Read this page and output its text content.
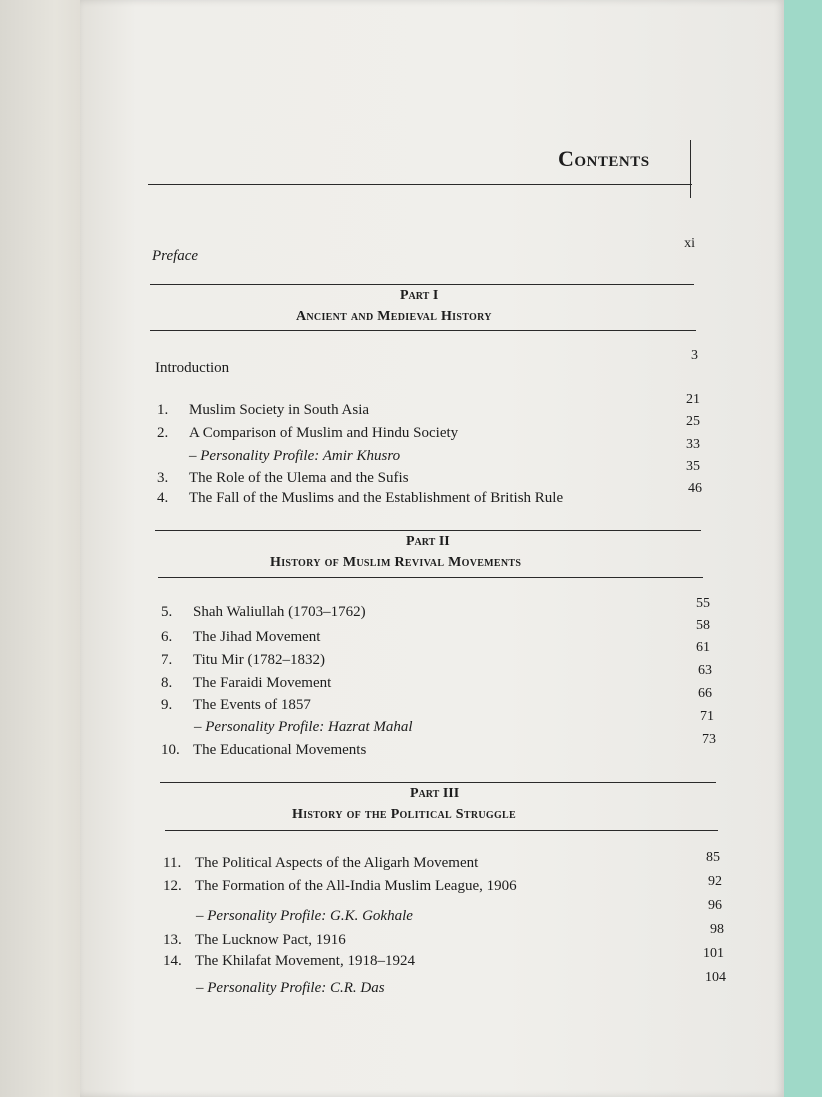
Contents
Preface
xi
Part I
Ancient and Medieval History
Introduction
3
1. Muslim Society in South Asia
2. A Comparison of Muslim and Hindu Society
– Personality Profile: Amir Khusro
3. The Role of the Ulema and the Sufis
4. The Fall of the Muslims and the Establishment of British Rule
21
25
33
35
46
Part II
History of Muslim Revival Movements
5. Shah Waliullah (1703–1762)
6. The Jihad Movement
7. Titu Mir (1782–1832)
8. The Faraidi Movement
9. The Events of 1857
– Personality Profile: Hazrat Mahal
10. The Educational Movements
55
58
61
63
66
71
73
Part III
History of the Political Struggle
11. The Political Aspects of the Aligarh Movement
12. The Formation of the All-India Muslim League, 1906
– Personality Profile: G.K. Gokhale
13. The Lucknow Pact, 1916
14. The Khilafat Movement, 1918–1924
– Personality Profile: C.R. Das
85
92
96
98
101
104
